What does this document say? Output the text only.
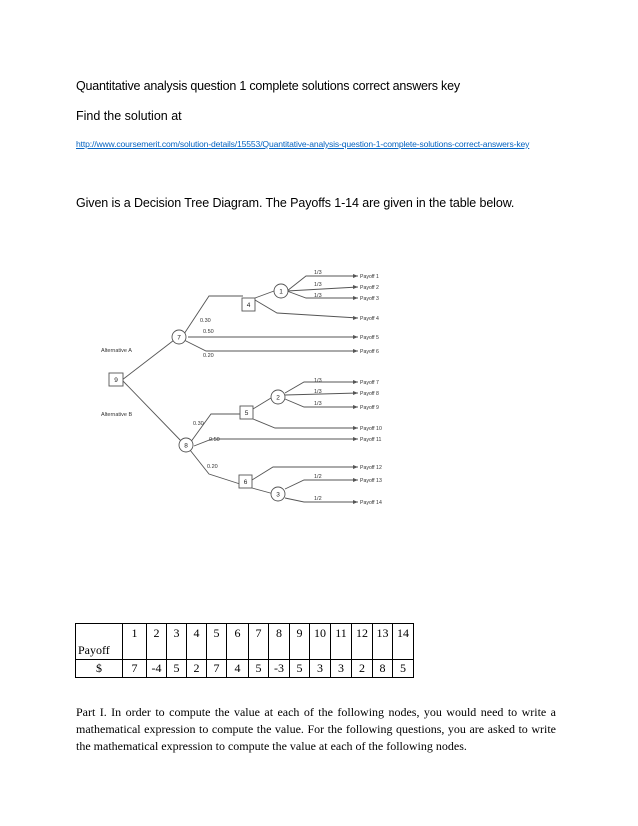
Quantitative analysis question 1 complete solutions correct answers key
Find the solution at
http://www.coursemerit.com/solution-details/15553/Quantitative-analysis-question-1-complete-solutions-correct-answers-key
Given is a Decision Tree Diagram. The Payoffs 1-14 are given in the table below.
9
7
4
1
8
5
2
6
3
Alternative A
Alternative B
0.30
0.50
0.20
0.30
0.50
0.20
1/3
1/3
1/3
1/3
1/3
1/3
1/2
1/2
Payoff 1
Payoff 2
Payoff 3
Payoff 4
Payoff 5
Payoff 6
Payoff 7
Payoff 8
Payoff 9
Payoff 10
Payoff 11
Payoff 12
Payoff 13
Payoff 14
Payoff	1	2	3	4	5	6	7	8	9	10	11	12	13	14
$	7	-4	5	2	7	4	5	-3	5	3	3	2	8	5
Part I. In order to compute the value at each of the following nodes, you would need to write a mathematical expression to compute the value. For the following questions, you are asked to write the mathematical expression to compute the value at each of the following nodes.
